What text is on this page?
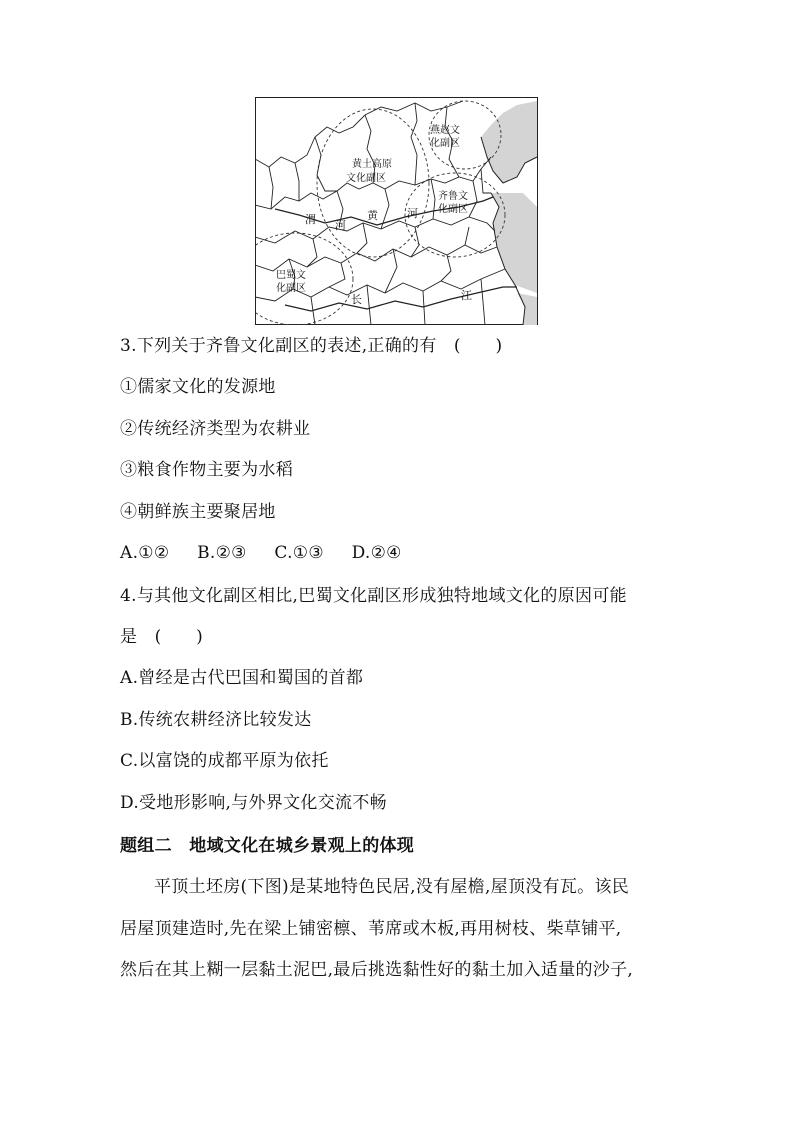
燕赵文
化副区
黄土高原
文化副区
齐鲁文
化副区
巴蜀文
化副区
渭 河
黄	河
长	江
3.下列关于齐鲁文化副区的表述,正确的有　(　　)
①儒家文化的发源地
②传统经济类型为农耕业
③粮食作物主要为水稻
④朝鲜族主要聚居地
A.①② B.②③ C.①③ D.②④
4.与其他文化副区相比,巴蜀文化副区形成独特地域文化的原因可能
是　(　　)
A.曾经是古代巴国和蜀国的首都
B.传统农耕经济比较发达
C.以富饶的成都平原为依托
D.受地形影响,与外界文化交流不畅
题组二　地域文化在城乡景观上的体现
平顶土坯房(下图)是某地特色民居,没有屋檐,屋顶没有瓦。该民
居屋顶建造时,先在梁上铺密檩、苇席或木板,再用树枝、柴草铺平,
然后在其上糊一层黏土泥巴,最后挑选黏性好的黏土加入适量的沙子,
